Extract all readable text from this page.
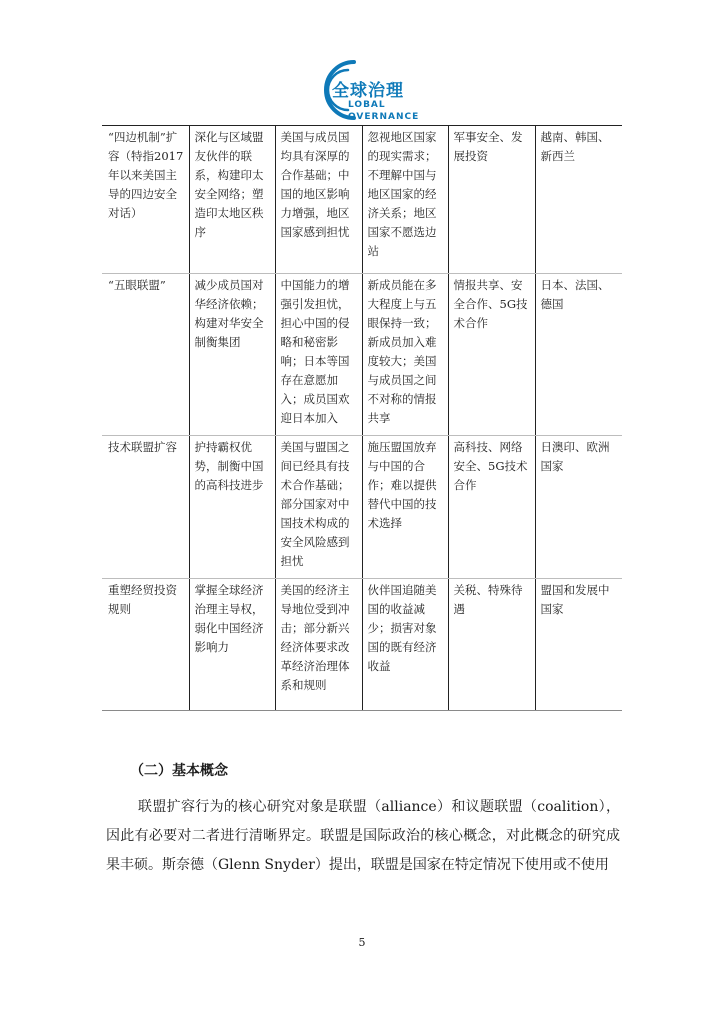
全球治理
LOBAL
OVERNANCE
“四边机制”扩容（特指2017年以来美国主导的四边安全对话）	深化与区域盟友伙伴的联系，构建印太安全网络；塑造印太地区秩序	美国与成员国均具有深厚的合作基础；中国的地区影响力增强，地区国家感到担忧	忽视地区国家的现实需求；不理解中国与地区国家的经济关系；地区国家不愿选边站	军事安全、发展投资	越南、韩国、新西兰
“五眼联盟”	减少成员国对华经济依赖；构建对华安全制衡集团	中国能力的增强引发担忧，担心中国的侵略和秘密影响；日本等国存在意愿加入；成员国欢迎日本加入	新成员能在多大程度上与五眼保持一致；新成员加入难度较大；美国与成员国之间不对称的情报共享	情报共享、安全合作、5G技术合作	日本、法国、德国
技术联盟扩容	护持霸权优势，制衡中国的高科技进步	美国与盟国之间已经具有技术合作基础；部分国家对中国技术构成的安全风险感到担忧	施压盟国放弃与中国的合作；难以提供替代中国的技术选择	高科技、网络安全、5G技术合作	日澳印、欧洲国家
重塑经贸投资规则	掌握全球经济治理主导权，弱化中国经济影响力	美国的经济主导地位受到冲击；部分新兴经济体要求改革经济治理体系和规则	伙伴国追随美国的收益减少；损害对象国的既有经济收益	关税、特殊待遇	盟国和发展中国家
（二）基本概念

联盟扩容行为的核心研究对象是联盟（alliance）和议题联盟（coalition），因此有必要对二者进行清晰界定。联盟是国际政治的核心概念，对此概念的研究成果丰硕。斯奈德（Glenn Snyder）提出，联盟是国家在特定情况下使用或不使用

5
